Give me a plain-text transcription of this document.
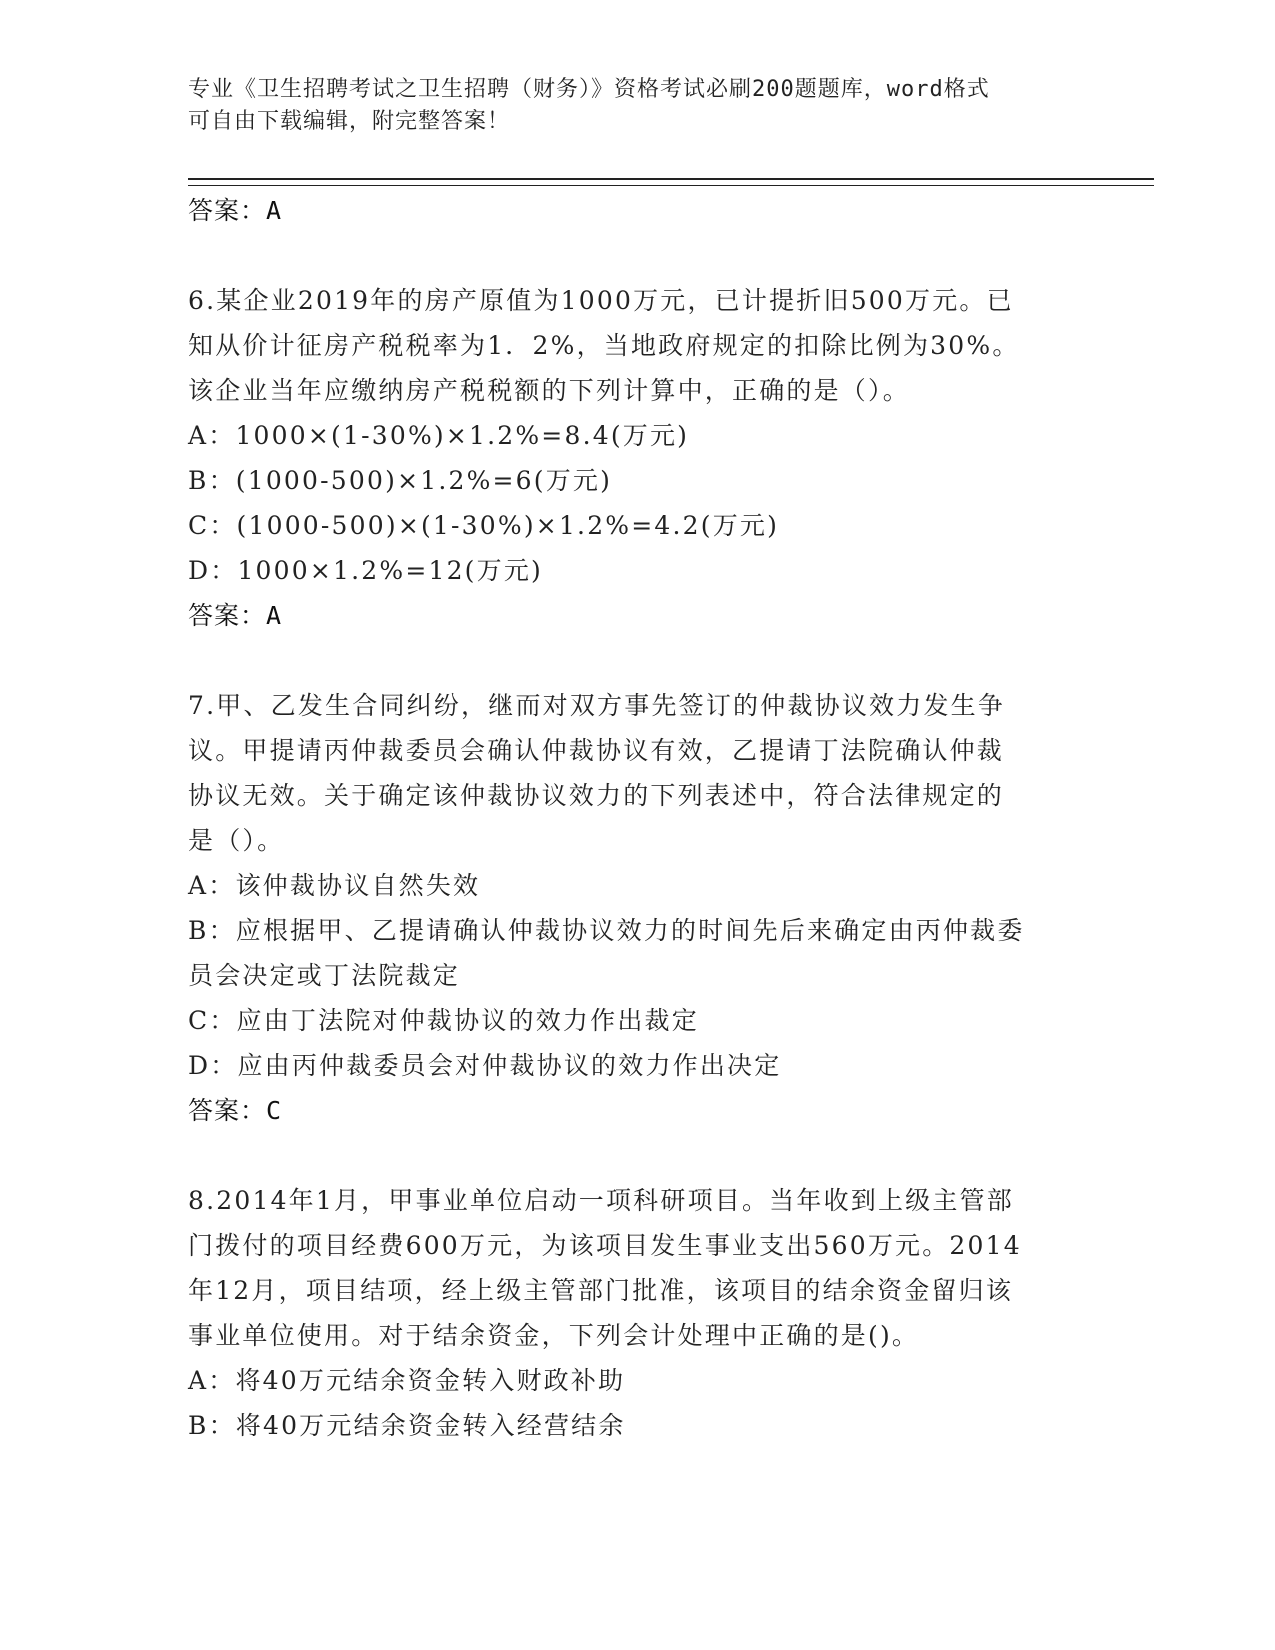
专业《卫生招聘考试之卫生招聘（财务）》资格考试必刷200题题库，word格式
可自由下载编辑，附完整答案！
答案：A
6.某企业2019年的房产原值为1000万元，已计提折旧500万元。已
知从价计征房产税税率为1．2%，当地政府规定的扣除比例为30%。
该企业当年应缴纳房产税税额的下列计算中，正确的是（）。
A：1000×(1-30%)×1.2%=8.4(万元)
B：(1000-500)×1.2%=6(万元)
C：(1000-500)×(1-30%)×1.2%=4.2(万元)
D：1000×1.2%=12(万元)
答案：A
7.甲、乙发生合同纠纷，继而对双方事先签订的仲裁协议效力发生争
议。甲提请丙仲裁委员会确认仲裁协议有效，乙提请丁法院确认仲裁
协议无效。关于确定该仲裁协议效力的下列表述中，符合法律规定的
是（）。
A：该仲裁协议自然失效
B：应根据甲、乙提请确认仲裁协议效力的时间先后来确定由丙仲裁委
员会决定或丁法院裁定
C：应由丁法院对仲裁协议的效力作出裁定
D：应由丙仲裁委员会对仲裁协议的效力作出决定
答案：C
8.2014年1月，甲事业单位启动一项科研项目。当年收到上级主管部
门拨付的项目经费600万元，为该项目发生事业支出560万元。2014
年12月，项目结项，经上级主管部门批准，该项目的结余资金留归该
事业单位使用。对于结余资金，下列会计处理中正确的是()。
A：将40万元结余资金转入财政补助
B：将40万元结余资金转入经营结余
